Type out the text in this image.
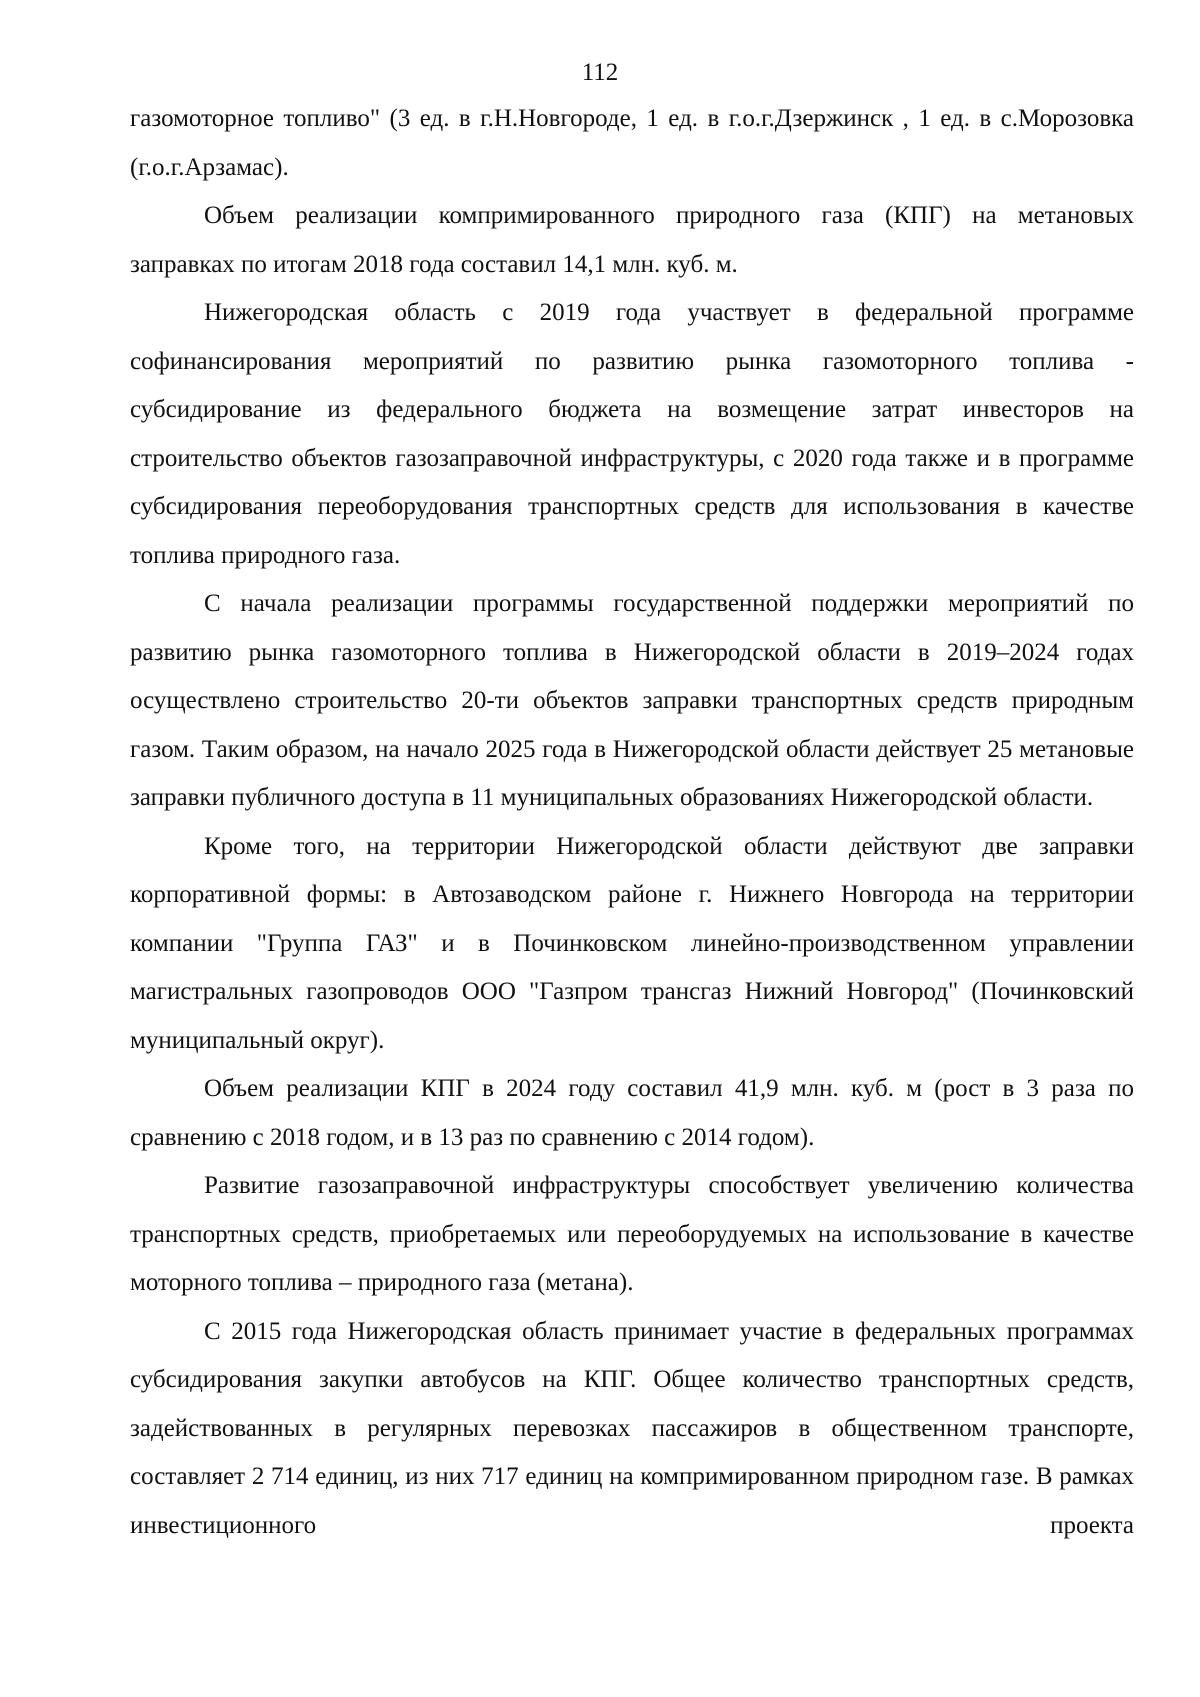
112

газомоторное топливо" (3 ед. в г.Н.Новгороде, 1 ед. в г.о.г.Дзержинск , 1 ед. в с.Морозовка (г.о.г.Арзамас).

Объем реализации компримированного природного газа (КПГ) на метановых заправках по итогам 2018 года составил 14,1 млн. куб. м.

Нижегородская область с 2019 года участвует в федеральной программе софинансирования мероприятий по развитию рынка газомоторного топлива - субсидирование из федерального бюджета на возмещение затрат инвесторов на строительство объектов газозаправочной инфраструктуры, с 2020 года также и в программе субсидирования переоборудования транспортных средств для использования в качестве топлива природного газа.

С начала реализации программы государственной поддержки мероприятий по развитию рынка газомоторного топлива в Нижегородской области в 2019–2024 годах осуществлено строительство 20-ти объектов заправки транспортных средств природным газом. Таким образом, на начало 2025 года в Нижегородской области действует 25 метановые заправки публичного доступа в 11 муниципальных образованиях Нижегородской области.

Кроме того, на территории Нижегородской области действуют две заправки корпоративной формы: в Автозаводском районе г. Нижнего Новгорода на территории компании "Группа ГАЗ" и в Починковском линейно-производственном управлении магистральных газопроводов ООО "Газпром трансгаз Нижний Новгород" (Починковский муниципальный округ).

Объем реализации КПГ в 2024 году составил 41,9 млн. куб. м (рост в 3 раза по сравнению с 2018 годом, и в 13 раз по сравнению с 2014 годом).

Развитие газозаправочной инфраструктуры способствует увеличению количества транспортных средств, приобретаемых или переоборудуемых на использование в качестве моторного топлива – природного газа (метана).

С 2015 года Нижегородская область принимает участие в федеральных программах субсидирования закупки автобусов на КПГ. Общее количество транспортных средств, задействованных в регулярных перевозках пассажиров в общественном транспорте, составляет 2 714 единиц, из них 717 единиц на компримированном природном газе. В рамках инвестиционного проекта
